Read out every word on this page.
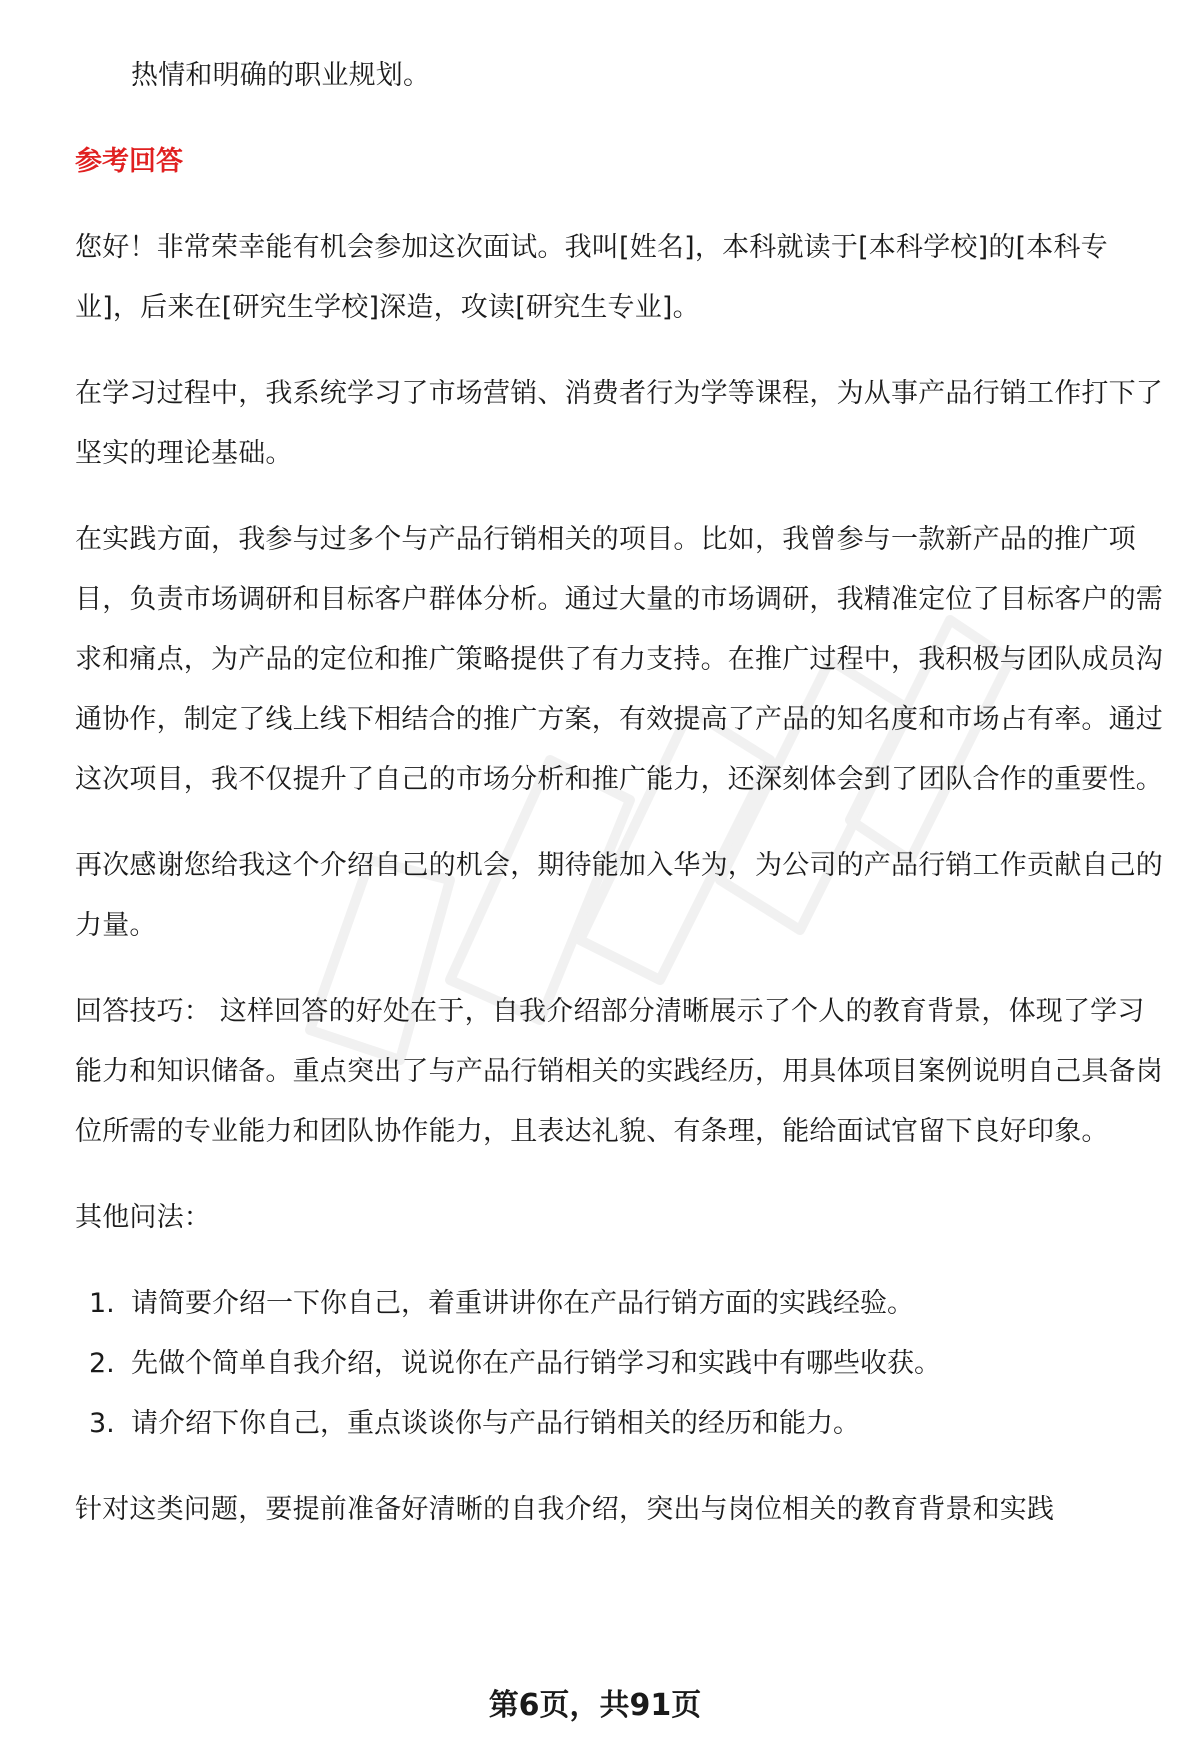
热情和明确的职业规划。

参考回答

您好！非常荣幸能有机会参加这次面试。我叫[姓名]，本科就读于[本科学校]的[本科专业]，后来在[研究生学校]深造，攻读[研究生专业]。

在学习过程中，我系统学习了市场营销、消费者行为学等课程，为从事产品行销工作打下了坚实的理论基础。

在实践方面，我参与过多个与产品行销相关的项目。比如，我曾参与一款新产品的推广项目，负责市场调研和目标客户群体分析。通过大量的市场调研，我精准定位了目标客户的需求和痛点，为产品的定位和推广策略提供了有力支持。在推广过程中，我积极与团队成员沟通协作，制定了线上线下相结合的推广方案，有效提高了产品的知名度和市场占有率。通过这次项目，我不仅提升了自己的市场分析和推广能力，还深刻体会到了团队合作的重要性。

再次感谢您给我这个介绍自己的机会，期待能加入华为，为公司的产品行销工作贡献自己的力量。

回答技巧： 这样回答的好处在于，自我介绍部分清晰展示了个人的教育背景，体现了学习能力和知识储备。重点突出了与产品行销相关的实践经历，用具体项目案例说明自己具备岗位所需的专业能力和团队协作能力，且表达礼貌、有条理，能给面试官留下良好印象。

其他问法：

1. 请简要介绍一下你自己，着重讲讲你在产品行销方面的实践经验。
2. 先做个简单自我介绍，说说你在产品行销学习和实践中有哪些收获。
3. 请介绍下你自己，重点谈谈你与产品行销相关的经历和能力。

针对这类问题，要提前准备好清晰的自我介绍，突出与岗位相关的教育背景和实践

第6页，共91页
